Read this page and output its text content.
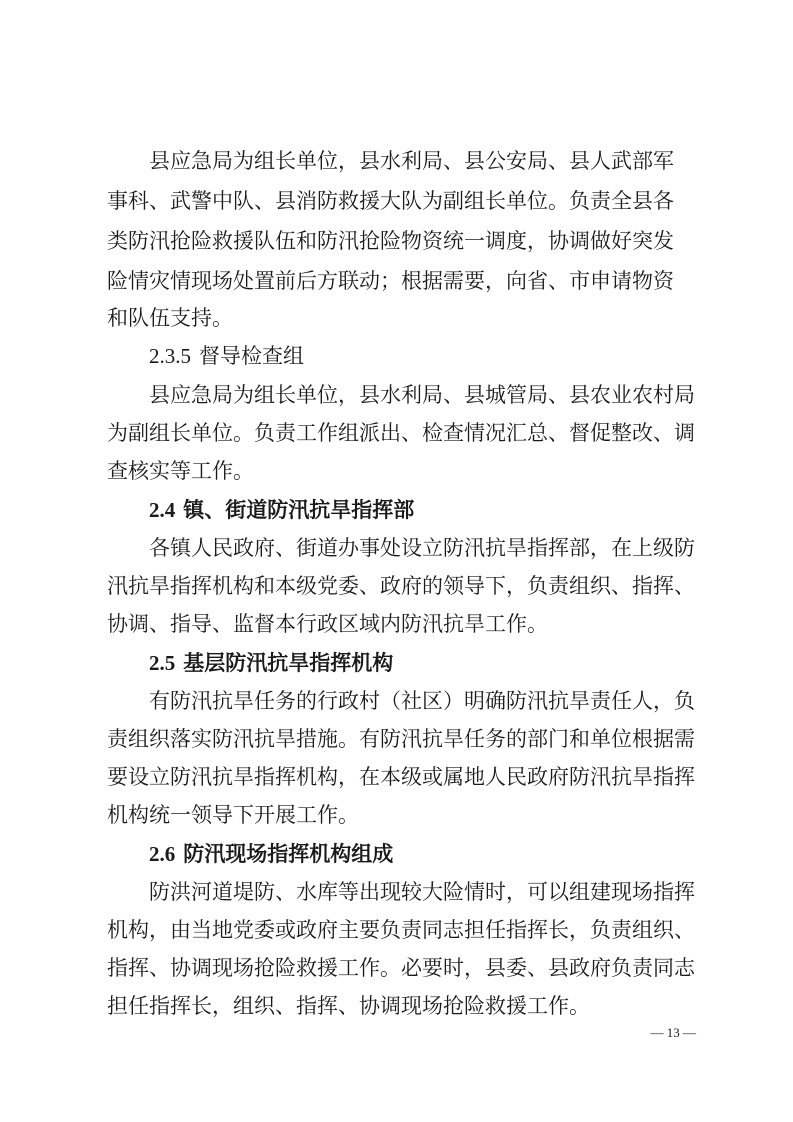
县应急局为组长单位，县水利局、县公安局、县人武部军
事科、武警中队、县消防救援大队为副组长单位。负责全县各
类防汛抢险救援队伍和防汛抢险物资统一调度，协调做好突发
险情灾情现场处置前后方联动；根据需要，向省、市申请物资
和队伍支持。
2.3.5 督导检查组
县应急局为组长单位，县水利局、县城管局、县农业农村局
为副组长单位。负责工作组派出、检查情况汇总、督促整改、调
查核实等工作。
2.4 镇、街道防汛抗旱指挥部
各镇人民政府、街道办事处设立防汛抗旱指挥部，在上级防
汛抗旱指挥机构和本级党委、政府的领导下，负责组织、指挥、
协调、指导、监督本行政区域内防汛抗旱工作。
2.5 基层防汛抗旱指挥机构
有防汛抗旱任务的行政村（社区）明确防汛抗旱责任人，负
责组织落实防汛抗旱措施。有防汛抗旱任务的部门和单位根据需
要设立防汛抗旱指挥机构，在本级或属地人民政府防汛抗旱指挥
机构统一领导下开展工作。
2.6 防汛现场指挥机构组成
防洪河道堤防、水库等出现较大险情时，可以组建现场指挥
机构，由当地党委或政府主要负责同志担任指挥长，负责组织、
指挥、协调现场抢险救援工作。必要时，县委、县政府负责同志
担任指挥长，组织、指挥、协调现场抢险救援工作。
— 13 —
